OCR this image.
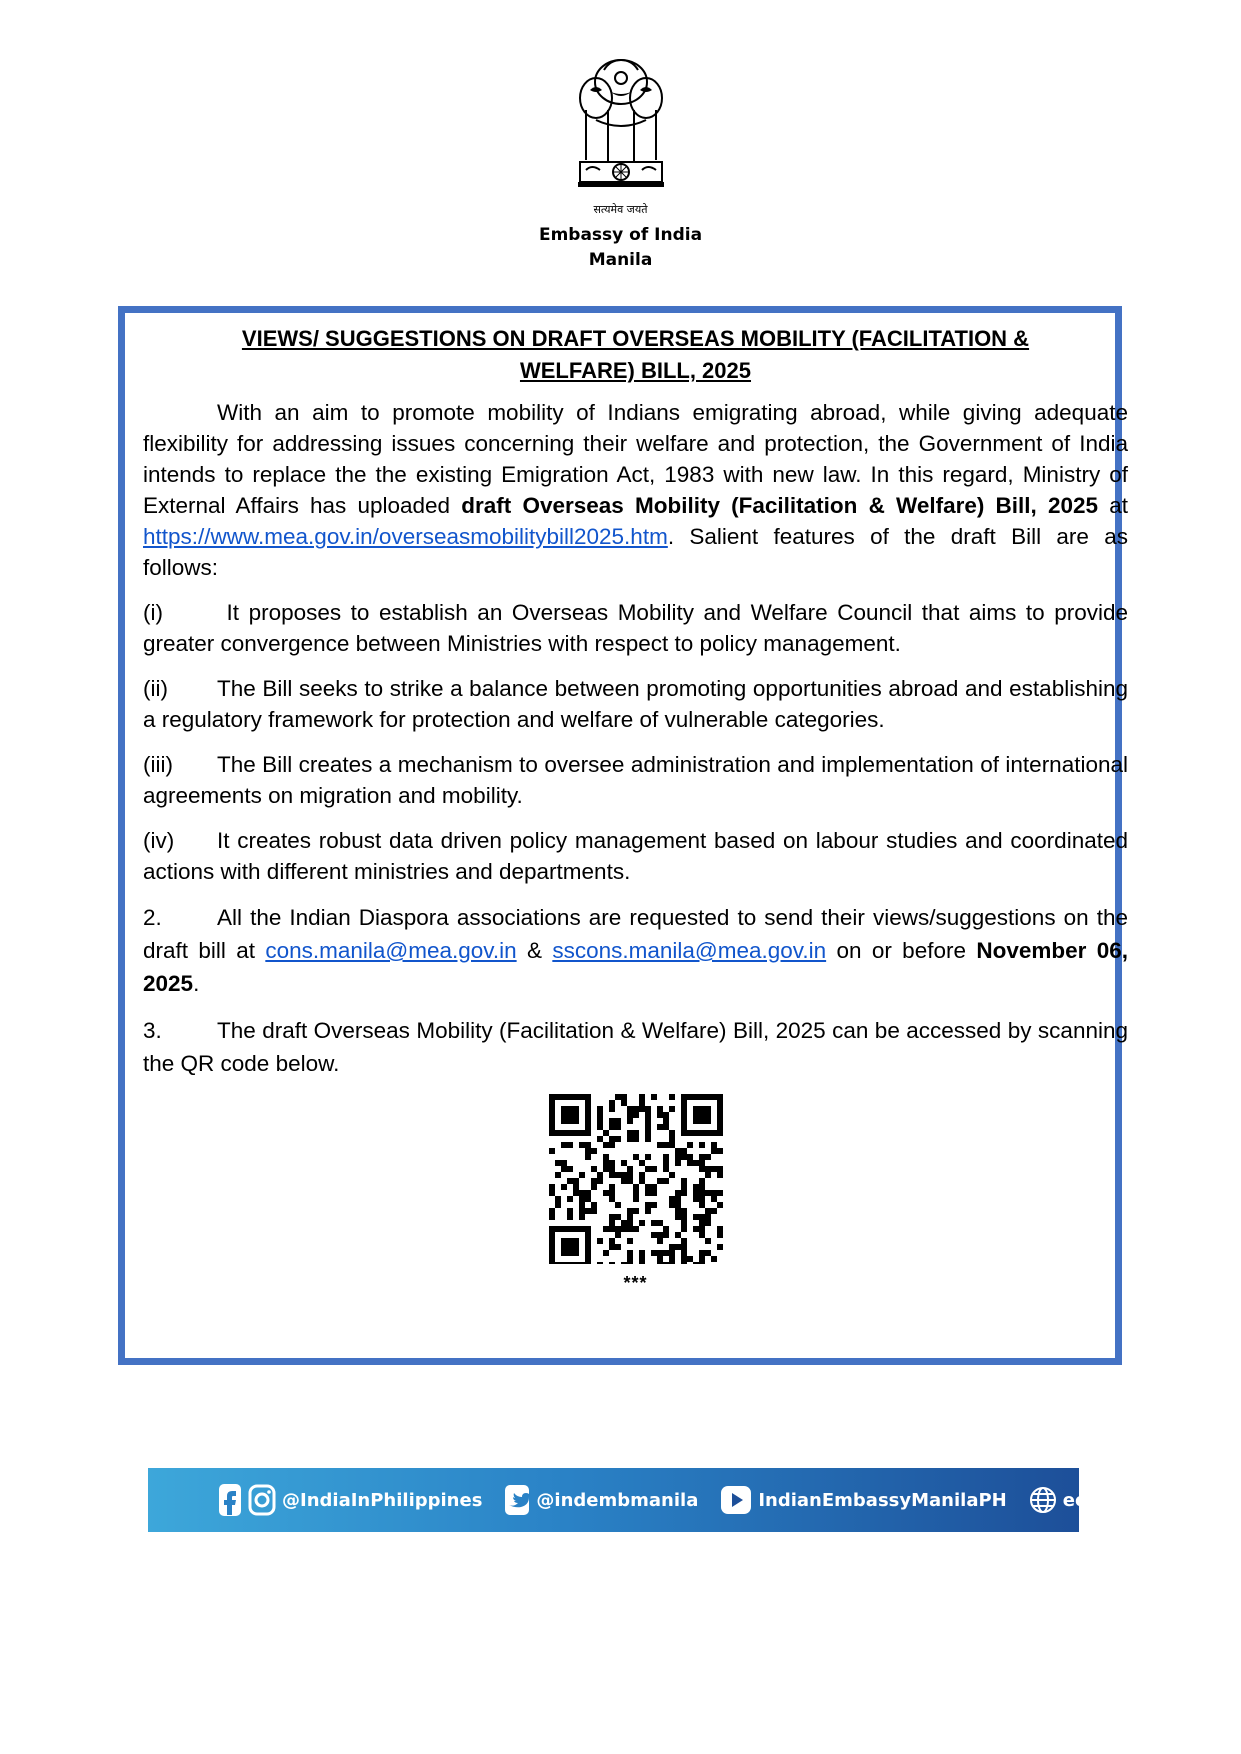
सत्यमेव जयते
Embassy of India
Manila
VIEWS/ SUGGESTIONS ON DRAFT OVERSEAS MOBILITY (FACILITATION &
WELFARE) BILL, 2025

With an aim to promote mobility of Indians emigrating abroad, while giving adequate flexibility for addressing issues concerning their welfare and protection, the Government of India intends to replace the the existing Emigration Act, 1983 with new law. In this regard, Ministry of External Affairs has uploaded draft Overseas Mobility (Facilitation & Welfare) Bill, 2025 at https://www.mea.gov.in/overseasmobilitybill2025.htm. Salient features of the draft Bill are as follows:

(i) It proposes to establish an Overseas Mobility and Welfare Council that aims to provide greater convergence between Ministries with respect to policy management.

(ii) The Bill seeks to strike a balance between promoting opportunities abroad and establishing a regulatory framework for protection and welfare of vulnerable categories.

(iii) The Bill creates a mechanism to oversee administration and implementation of international agreements on migration and mobility.

(iv) It creates robust data driven policy management based on labour studies and coordinated actions with different ministries and departments.

2. All the Indian Diaspora associations are requested to send their views/suggestions on the draft bill at cons.manila@mea.gov.in & sscons.manila@mea.gov.in on or before November 06, 2025.

3. The draft Overseas Mobility (Facilitation & Welfare) Bill, 2025 can be accessed by scanning the QR code below.

***
@IndiaInPhilippines	@indembmanila	IndianEmbassyManilaPH	eoimanila.gov.in
